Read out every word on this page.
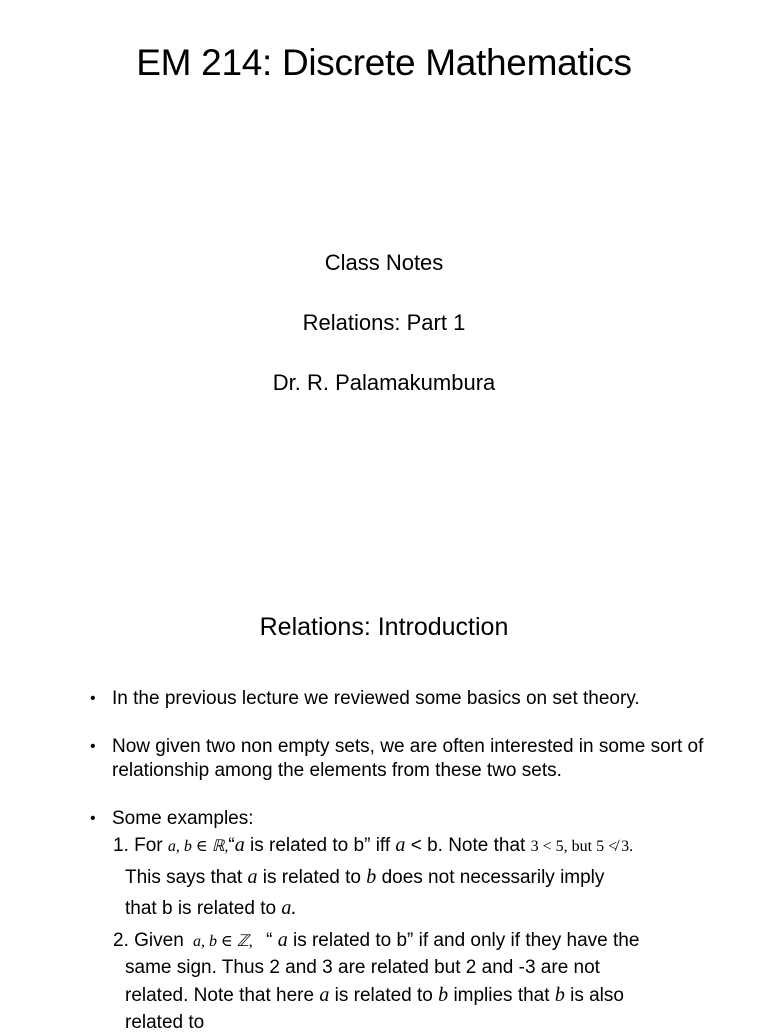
EM 214: Discrete Mathematics
Class Notes
Relations: Part 1
Dr. R. Palamakumbura
Relations: Introduction
• In the previous lecture we reviewed some basics on set theory.
• Now given two non empty sets, we are often interested in some sort of relationship among the elements from these two sets.
• Some examples:
1. For a, b ∈ ℝ,“a is related to b” iff a < b. Note that 3 < 5, but 5 ≮ 3.
This says that a is related to b does not necessarily imply
that b is related to a.
2. Given a, b ∈ ℤ, “ a is related to b” if and only if they have the
same sign. Thus 2 and 3 are related but 2 and -3 are not
related. Note that here a is related to b implies that b is also
related to
